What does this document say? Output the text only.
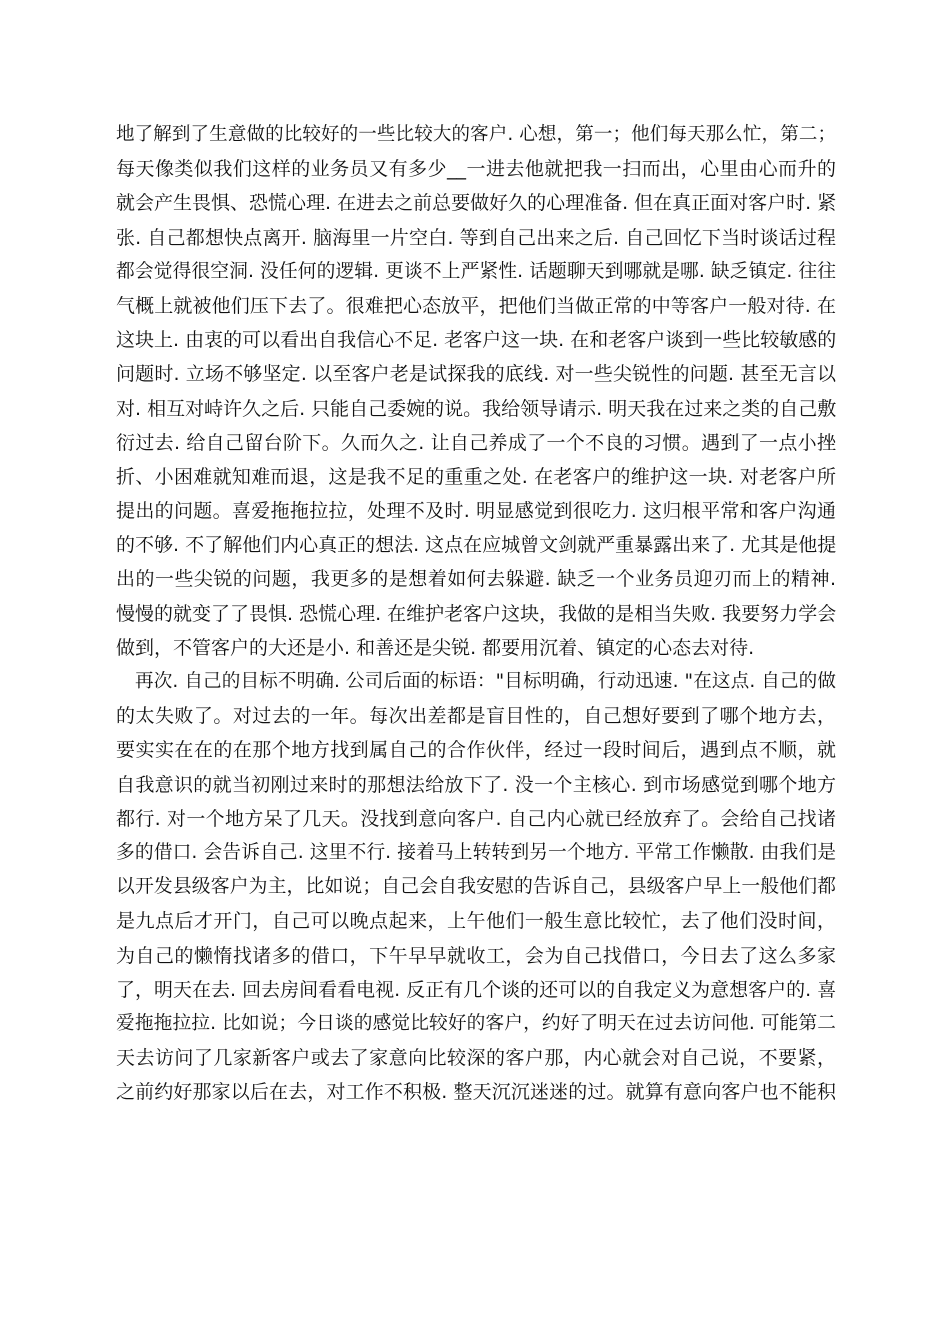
地了解到了生意做的比较好的一些比较大的客户. 心想，第一；他们每天那么忙，第二；
每天像类似我们这样的业务员又有多少__一进去他就把我一扫而出，心里由心而升的
就会产生畏惧、恐慌心理. 在进去之前总要做好久的心理准备. 但在真正面对客户时. 紧
张. 自己都想快点离开. 脑海里一片空白. 等到自己出来之后. 自己回忆下当时谈话过程
都会觉得很空洞. 没任何的逻辑. 更谈不上严紧性. 话题聊天到哪就是哪. 缺乏镇定. 往往
气概上就被他们压下去了。很难把心态放平，把他们当做正常的中等客户一般对待. 在
这块上. 由衷的可以看出自我信心不足. 老客户这一块. 在和老客户谈到一些比较敏感的
问题时. 立场不够坚定. 以至客户老是试探我的底线. 对一些尖锐性的问题. 甚至无言以
对. 相互对峙许久之后. 只能自己委婉的说。我给领导请示. 明天我在过来之类的自己敷
衍过去. 给自己留台阶下。久而久之. 让自己养成了一个不良的习惯。遇到了一点小挫
折、小困难就知难而退，这是我不足的重重之处. 在老客户的维护这一块. 对老客户所
提出的问题。喜爱拖拖拉拉，处理不及时. 明显感觉到很吃力. 这归根平常和客户沟通
的不够. 不了解他们内心真正的想法. 这点在应城曾文剑就严重暴露出来了. 尤其是他提
出的一些尖锐的问题，我更多的是想着如何去躲避. 缺乏一个业务员迎刃而上的精神.
慢慢的就变了了畏惧. 恐慌心理. 在维护老客户这块，我做的是相当失败. 我要努力学会
做到，不管客户的大还是小. 和善还是尖锐. 都要用沉着、镇定的心态去对待.
再次. 自己的目标不明确. 公司后面的标语："目标明确，行动迅速. "在这点. 自己的做
的太失败了。对过去的一年。每次出差都是盲目性的，自己想好要到了哪个地方去，
要实实在在的在那个地方找到属自己的合作伙伴，经过一段时间后，遇到点不顺，就
自我意识的就当初刚过来时的那想法给放下了. 没一个主核心. 到市场感觉到哪个地方
都行. 对一个地方呆了几天。没找到意向客户. 自己内心就已经放弃了。会给自己找诸
多的借口. 会告诉自己. 这里不行. 接着马上转转到另一个地方. 平常工作懒散. 由我们是
以开发县级客户为主，比如说；自己会自我安慰的告诉自己，县级客户早上一般他们都
是九点后才开门，自己可以晚点起来，上午他们一般生意比较忙，去了他们没时间，
为自己的懒惰找诸多的借口，下午早早就收工，会为自己找借口，今日去了这么多家
了，明天在去. 回去房间看看电视. 反正有几个谈的还可以的自我定义为意想客户的. 喜
爱拖拖拉拉. 比如说；今日谈的感觉比较好的客户，约好了明天在过去访问他. 可能第二
天去访问了几家新客户或去了家意向比较深的客户那，内心就会对自己说，不要紧，
之前约好那家以后在去，对工作不积极. 整天沉沉迷迷的过。就算有意向客户也不能积
